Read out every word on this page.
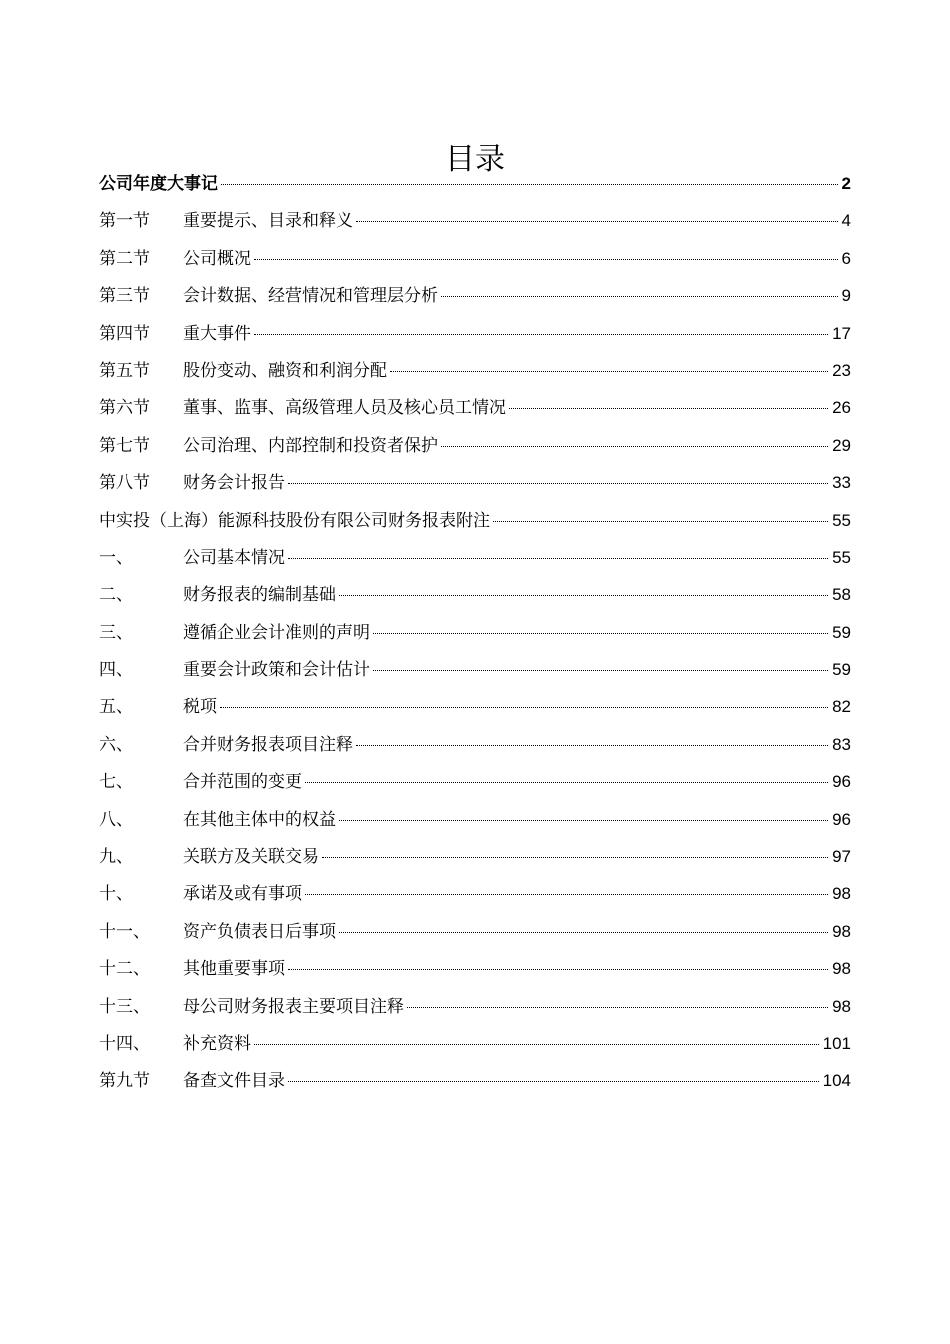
目录
公司年度大事记	2
第一节	重要提示、目录和释义	4
第二节	公司概况	6
第三节	会计数据、经营情况和管理层分析	9
第四节	重大事件	17
第五节	股份变动、融资和利润分配	23
第六节	董事、监事、高级管理人员及核心员工情况	26
第七节	公司治理、内部控制和投资者保护	29
第八节	财务会计报告	33
中实投（上海）能源科技股份有限公司财务报表附注	55
一、	公司基本情况	55
二、	财务报表的编制基础	58
三、	遵循企业会计准则的声明	59
四、	重要会计政策和会计估计	59
五、	税项	82
六、	合并财务报表项目注释	83
七、	合并范围的变更	96
八、	在其他主体中的权益	96
九、	关联方及关联交易	97
十、	承诺及或有事项	98
十一、	资产负债表日后事项	98
十二、	其他重要事项	98
十三、	母公司财务报表主要项目注释	98
十四、	补充资料	101
第九节	备查文件目录	104
